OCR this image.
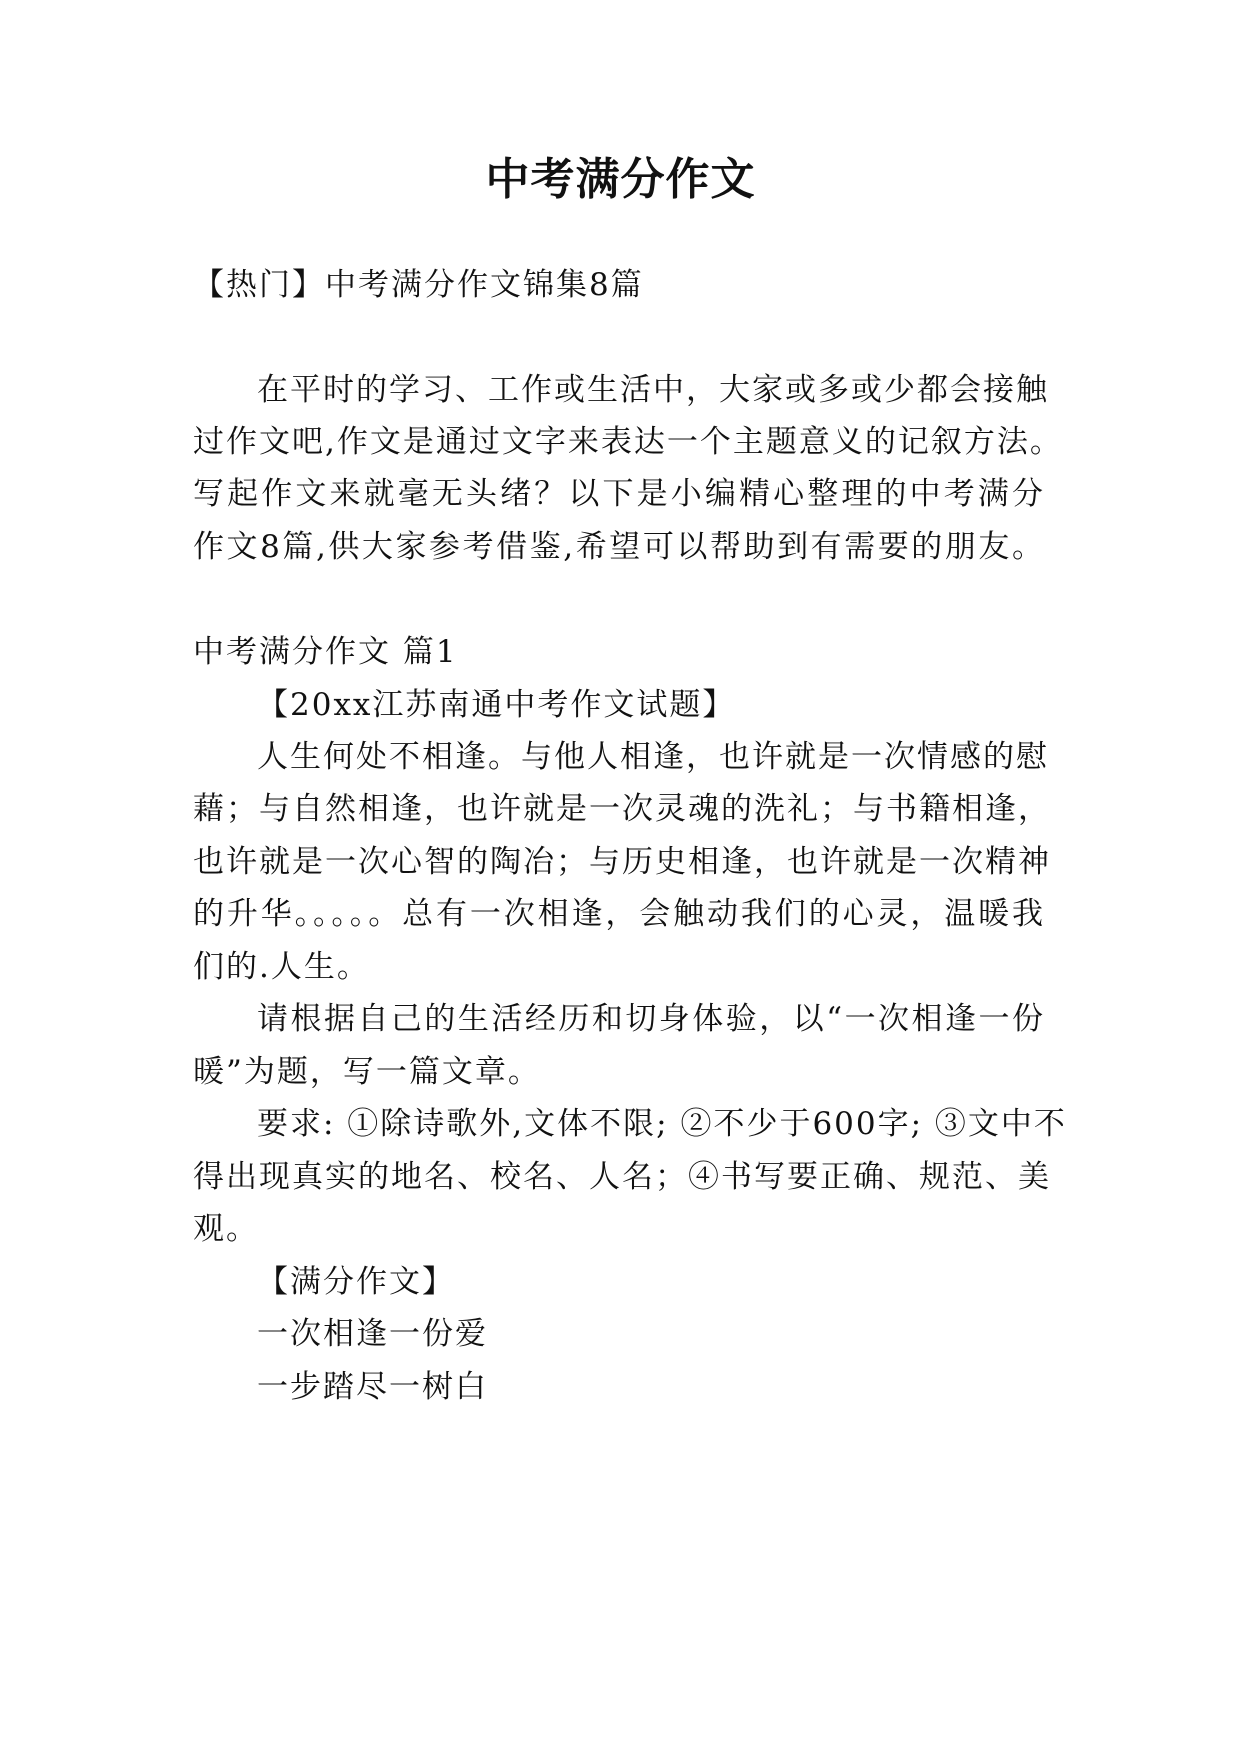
中考满分作文
【热门】中考满分作文锦集8篇
在平时的学习、工作或生活中，大家或多或少都会接触
过作文吧,作文是通过文字来表达一个主题意义的记叙方法。
写起作文来就毫无头绪？以下是小编精心整理的中考满分
作文8篇,供大家参考借鉴,希望可以帮助到有需要的朋友。
中考满分作文 篇1
【20xx江苏南通中考作文试题】
人生何处不相逢。与他人相逢，也许就是一次情感的慰
藉；与自然相逢，也许就是一次灵魂的洗礼；与书籍相逢，
也许就是一次心智的陶冶；与历史相逢，也许就是一次精神
的升华。。。。。总有一次相逢，会触动我们的心灵，温暖我
们的.人生。
请根据自己的生活经历和切身体验，以“一次相逢一份
暖”为题，写一篇文章。
要求: ①除诗歌外,文体不限; ②不少于600字; ③文中不
得出现真实的地名、校名、人名；④书写要正确、规范、美
观。
【满分作文】
一次相逢一份爱
一步踏尽一树白
